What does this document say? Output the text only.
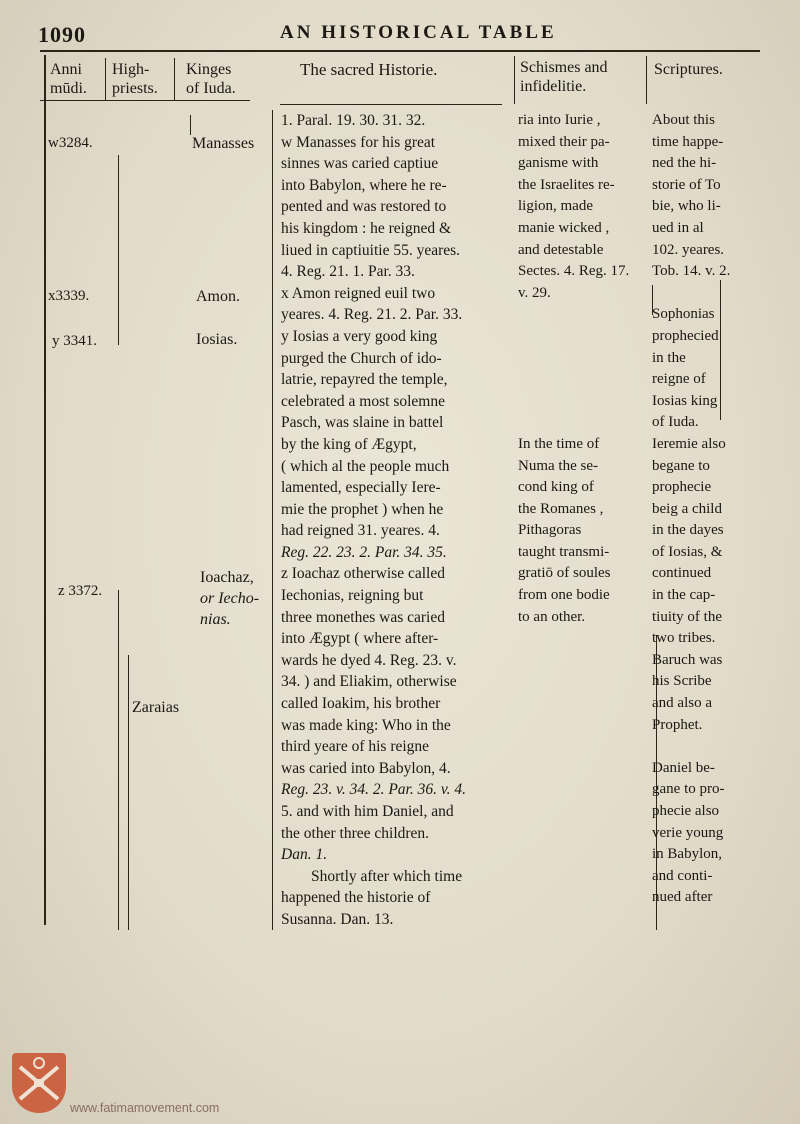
1090	AN HISTORICAL TABLE
Anni
mūdi.
High-
priests.
Kinges
of Iuda.
The sacred Historie.	Schismes and
infidelitie.
Scriptures.
w3284.
x3339.
y 3341.
z 3372.
Zaraias
Manasses
Amon.
Iosias.
Ioachaz,
or Iecho-
nias.
1. Paral. 19. 30. 31. 32.
w Manasses for his great
sinnes was caried captiue
into Babylon, where he re-
pented and was restored to
his kingdom : he reigned &
liued in captiuitie 55. yeares.
4. Reg. 21. 1. Par. 33.
x Amon reigned euil two
yeares. 4. Reg. 21. 2. Par. 33.
y Iosias a very good king
purged the Church of ido-
latrie, repayred the temple,
celebrated a most solemne
Pasch, was slaine in battel
by the king of Ægypt,
( which al the people much
lamented, especially Iere-
mie the prophet ) when he
had reigned 31. yeares. 4.
Reg. 22. 23. 2. Par. 34. 35.
z Ioachaz otherwise called
Iechonias, reigning but
three monethes was caried
into Ægypt ( where after-
wards he dyed 4. Reg. 23. v.
34. ) and Eliakim, otherwise
called Ioakim, his brother
was made king: Who in the
third yeare of his reigne
was caried into Babylon, 4.
Reg. 23. v. 34. 2. Par. 36. v. 4.
5. and with him Daniel, and
the other three children.
Dan. 1.
Shortly after which time
happened the historie of
Susanna. Dan. 13.
ria into Iurie ,
mixed their pa-
ganisme with
the Israelites re-
ligion, made
manie wicked ,
and detestable
Sectes. 4. Reg. 17.
v. 29.
In the time of
Numa the se-
cond king of
the Romanes ,
Pithagoras
taught transmi-
gratiō of soules
from one bodie
to an other.
About this
time happe-
ned the hi-
storie of To
bie, who li-
ued in al
102. yeares.
Tob. 14. v. 2.
Sophonias
prophecied
in the
reigne of
Iosias king
of Iuda.
Ieremie also
begane to
prophecie
beig a child
in the dayes
of Iosias, &
continued
in the cap-
tiuity of the
two tribes.
Baruch was
his Scribe
and also a
Prophet.
Daniel be-
gane to pro-
phecie also
verie young
in Babylon,
and conti-
nued after
www.fatimamovement.com
